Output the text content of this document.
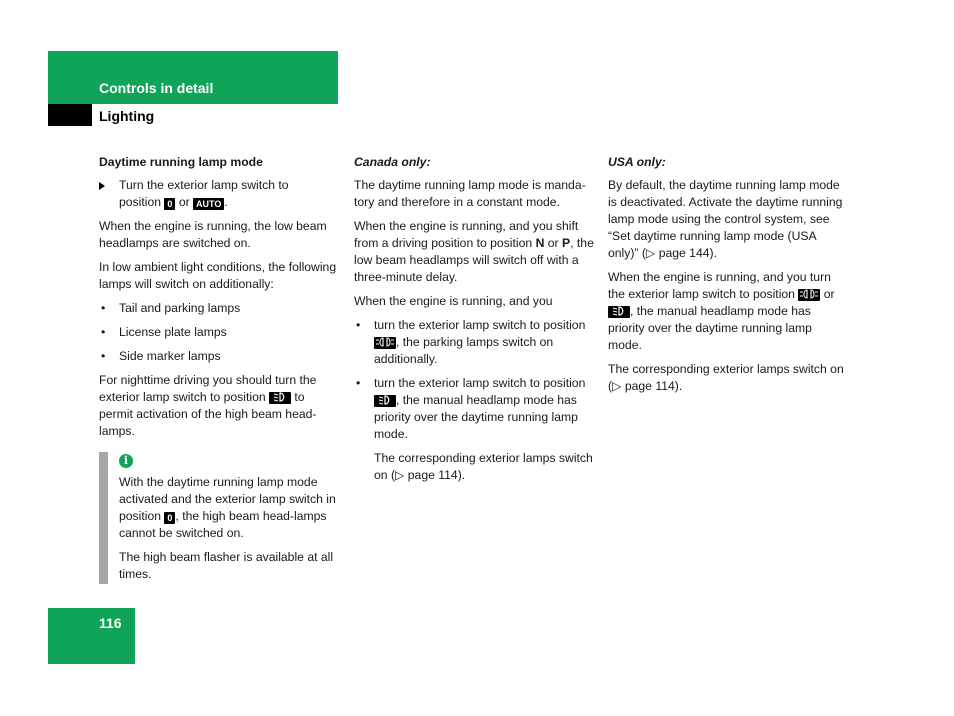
Controls in detail
Lighting

Daytime running lamp mode

Turn the exterior lamp switch to
position 0 or AUTO .

When the engine is running, the low beam headlamps are switched on.

In low ambient light conditions, the following lamps will switch on additionally:

• Tail and parking lamps
• License plate lamps
• Side marker lamps

For nighttime driving you should turn the exterior lamp switch to position to permit activation of the high beam head-lamps.

i

With the daytime running lamp mode activated and the exterior lamp switch in position 0 , the high beam head-lamps cannot be switched on.

The high beam flasher is available at all times.

Canada only:

The daytime running lamp mode is manda-tory and therefore in a constant mode.

When the engine is running, and you shift from a driving position to position N or P, the low beam headlamps will switch off with a three-minute delay.

When the engine is running, and you

• turn the exterior lamp switch to position , the parking lamps switch on additionally.
• turn the exterior lamp switch to position , the manual headlamp mode has priority over the daytime running lamp mode.

The corresponding exterior lamps switch on (▷ page 114).

USA only:

By default, the daytime running lamp mode is deactivated. Activate the daytime running lamp mode using the control system, see “Set daytime running lamp mode (USA only)” (▷ page 144).

When the engine is running, and you turn the exterior lamp switch to position or , the manual headlamp mode has priority over the daytime running lamp mode.

The corresponding exterior lamps switch on (▷ page 114).

116
